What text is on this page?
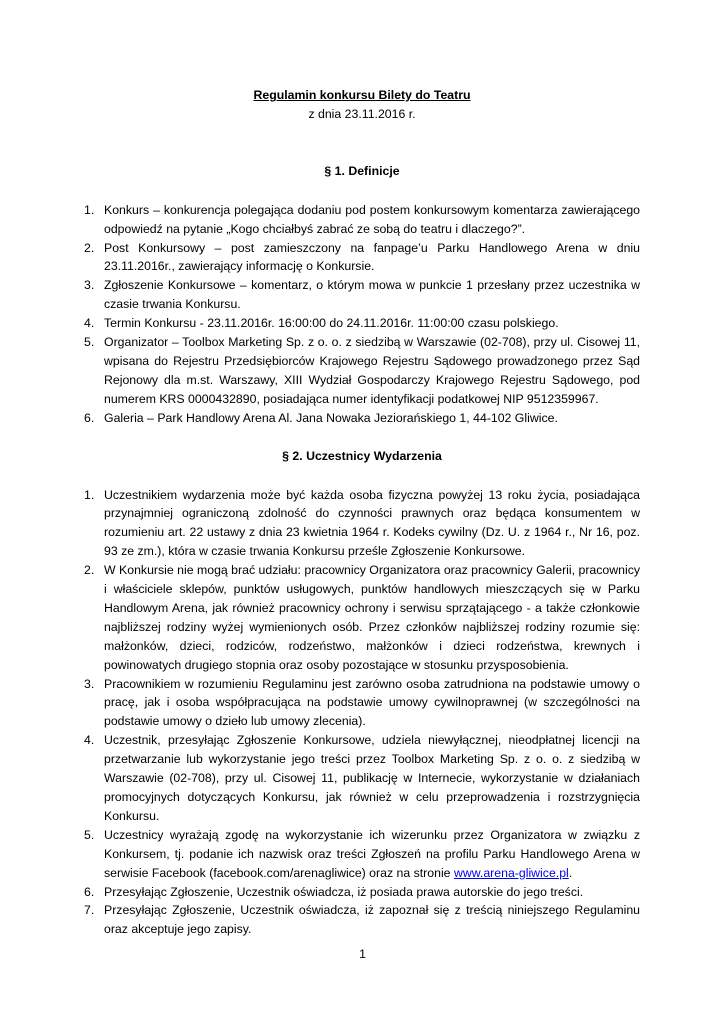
Regulamin konkursu Bilety do Teatru

z dnia 23.11.2016 r.

§ 1. Definicje

1. Konkurs – konkurencja polegająca dodaniu pod postem konkursowym komentarza zawierającego odpowiedź na pytanie „Kogo chciałbyś zabrać ze sobą do teatru i dlaczego?”.
2. Post Konkursowy – post zamieszczony na fanpage’u Parku Handlowego Arena w dniu 23.11.2016r., zawierający informację o Konkursie.
3. Zgłoszenie Konkursowe – komentarz, o którym mowa w punkcie 1 przesłany przez uczestnika w czasie trwania Konkursu.
4. Termin Konkursu - 23.11.2016r. 16:00:00 do 24.11.2016r. 11:00:00 czasu polskiego.
5. Organizator – Toolbox Marketing Sp. z o. o. z siedzibą w Warszawie (02-708), przy ul. Cisowej 11, wpisana do Rejestru Przedsiębiorców Krajowego Rejestru Sądowego prowadzonego przez Sąd Rejonowy dla m.st. Warszawy, XIII Wydział Gospodarczy Krajowego Rejestru Sądowego, pod numerem KRS 0000432890, posiadająca numer identyfikacji podatkowej NIP 9512359967.
6. Galeria – Park Handlowy Arena Al. Jana Nowaka Jeziorańskiego 1, 44-102 Gliwice.

§ 2. Uczestnicy Wydarzenia

1. Uczestnikiem wydarzenia może być każda osoba fizyczna powyżej 13 roku życia, posiadająca przynajmniej ograniczoną zdolność do czynności prawnych oraz będąca konsumentem w rozumieniu art. 22 ustawy z dnia 23 kwietnia 1964 r. Kodeks cywilny (Dz. U. z 1964 r., Nr 16, poz. 93 ze zm.), która w czasie trwania Konkursu prześle Zgłoszenie Konkursowe.
2. W Konkursie nie mogą brać udziału: pracownicy Organizatora oraz pracownicy Galerii, pracownicy i właściciele sklepów, punktów usługowych, punktów handlowych mieszczących się w Parku Handlowym Arena, jak również pracownicy ochrony i serwisu sprzątającego - a także członkowie najbliższej rodziny wyżej wymienionych osób. Przez członków najbliższej rodziny rozumie się: małżonków, dzieci, rodziców, rodzeństwo, małżonków i dzieci rodzeństwa, krewnych i powinowatych drugiego stopnia oraz osoby pozostające w stosunku przysposobienia.
3. Pracownikiem w rozumieniu Regulaminu jest zarówno osoba zatrudniona na podstawie umowy o pracę, jak i osoba współpracująca na podstawie umowy cywilnoprawnej (w szczególności na podstawie umowy o dzieło lub umowy zlecenia).
4. Uczestnik, przesyłając Zgłoszenie Konkursowe, udziela niewyłącznej, nieodpłatnej licencji na przetwarzanie lub wykorzystanie jego treści przez Toolbox Marketing Sp. z o. o. z siedzibą w Warszawie (02-708), przy ul. Cisowej 11, publikację w Internecie, wykorzystanie w działaniach promocyjnych dotyczących Konkursu, jak również w celu przeprowadzenia i rozstrzygnięcia Konkursu.
5. Uczestnicy wyrażają zgodę na wykorzystanie ich wizerunku przez Organizatora w związku z Konkursem, tj. podanie ich nazwisk oraz treści Zgłoszeń na profilu Parku Handlowego Arena w serwisie Facebook (facebook.com/arenagliwice) oraz na stronie www.arena-gliwice.pl.
6. Przesyłając Zgłoszenie, Uczestnik oświadcza, iż posiada prawa autorskie do jego treści.
7. Przesyłając Zgłoszenie, Uczestnik oświadcza, iż zapoznał się z treścią niniejszego Regulaminu oraz akceptuje jego zapisy.
1
